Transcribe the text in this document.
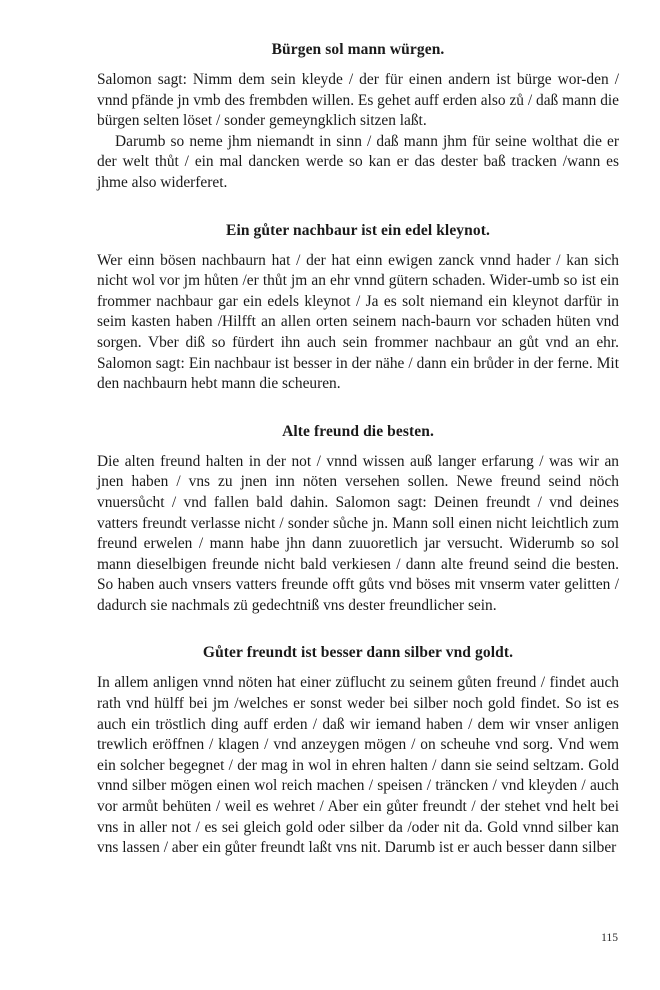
Bürgen sol mann würgen.

Salomon sagt: Nimm dem sein kleyde / der für einen andern ist bürge wor-den / vnnd pfände jn vmb des frembden willen. Es gehet auff erden also zů / daß mann die bürgen selten löset / sonder gemeyngklich sitzen laßt.

Darumb so neme jhm niemandt in sinn / daß mann jhm für seine wolthat die er der welt thůt / ein mal dancken werde so kan er das dester baß tracken /wann es jhme also widerferet.

Ein gůter nachbaur ist ein edel kleynot.

Wer einn bösen nachbaurn hat / der hat einn ewigen zanck vnnd hader / kan sich nicht wol vor jm hůten /er thůt jm an ehr vnnd gütern schaden. Wider-umb so ist ein frommer nachbaur gar ein edels kleynot / Ja es solt niemand ein kleynot darfür in seim kasten haben /Hilfft an allen orten seinem nach-baurn vor schaden hüten vnd sorgen. Vber diß so fürdert ihn auch sein frommer nachbaur an gůt vnd an ehr. Salomon sagt: Ein nachbaur ist besser in der nähe / dann ein brůder in der ferne. Mit den nachbaurn hebt mann die scheuren.

Alte freund die besten.

Die alten freund halten in der not / vnnd wissen auß langer erfarung / was wir an jnen haben / vns zu jnen inn nöten versehen sollen. Newe freund seind nöch vnuersůcht / vnd fallen bald dahin. Salomon sagt: Deinen freundt / vnd deines vatters freundt verlasse nicht / sonder sůche jn. Mann soll einen nicht leichtlich zum freund erwelen / mann habe jhn dann zuuoretlich jar versucht. Widerumb so sol mann dieselbigen freunde nicht bald verkiesen / dann alte freund seind die besten. So haben auch vnsers vatters freunde offt gůts vnd böses mit vnserm vater gelitten / dadurch sie nachmals zü gedechtniß vns dester freundlicher sein.

Gůter freundt ist besser dann silber vnd goldt.

In allem anligen vnnd nöten hat einer züflucht zu seinem gůten freund / findet auch rath vnd hülff bei jm /welches er sonst weder bei silber noch gold findet. So ist es auch ein tröstlich ding auff erden / daß wir iemand haben / dem wir vnser anligen trewlich eröffnen / klagen / vnd anzeygen mögen / on scheuhe vnd sorg. Vnd wem ein solcher begegnet / der mag in wol in ehren halten / dann sie seind seltzam. Gold vnnd silber mögen einen wol reich machen / speisen / träncken / vnd kleyden / auch vor armůt behüten / weil es wehret / Aber ein gůter freundt / der stehet vnd helt bei vns in aller not / es sei gleich gold oder silber da /oder nit da. Gold vnnd silber kan vns lassen / aber ein gůter freundt laßt vns nit. Darumb ist er auch besser dann silber

115
